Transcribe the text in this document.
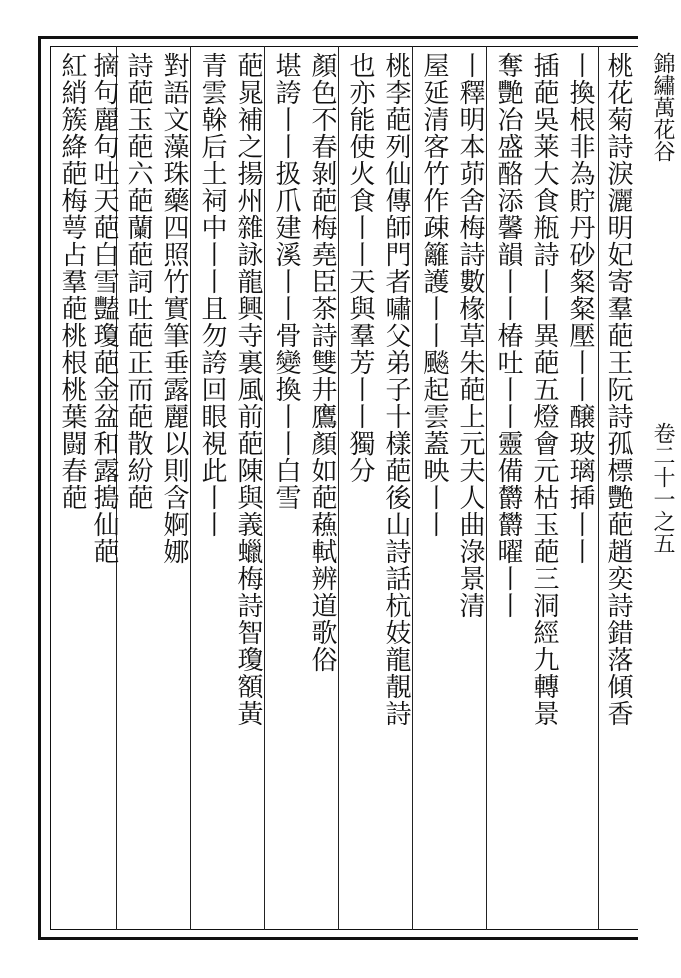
錦繡萬花谷
卷二十一之五
桃花菊詩淚灑明妃寄羣葩王阮詩孤標艷葩趙奕詩錯落傾香
丨換根非為貯丹砂粲粲壓丨丨醸玻璃揷丨丨
插葩吳莱大食瓶詩丨丨異葩五燈會元枯玉葩三洞經九轉景
奪艷冶盛酪添馨韻丨丨椿吐丨丨靈備欝欝曜丨丨
丨釋明本茆舍梅詩數椽草朱葩上元夫人曲淥景清
屋延清客竹作疎籬護丨丨飈起雲蓋映丨丨
桃李葩列仙傳師門者嘯父弟子十樣葩後山詩話杭妓龍靚詩
也亦能使火食丨丨天與羣芳丨丨獨分
顏色不春剝葩梅堯臣茶詩雙井鷹顏如葩蘓軾辨道歌俗
堪誇丨丨扱爪建溪丨丨骨變換丨丨白雪
葩晁補之揚州雜詠龍興寺裏風前葩陳與義蠟梅詩智瓊額黃
青雲榦后土祠中丨丨且勿誇回眼視此丨丨
對語文藻珠藥四照竹實筆垂露麗以則含婀娜
詩葩玉葩六葩蘭葩詞吐葩正而葩散紛葩
摘句麗句吐天葩白雪豔瓊葩金盆和露搗仙葩
紅綃簇絳葩梅萼占羣葩桃根桃葉闘春葩
